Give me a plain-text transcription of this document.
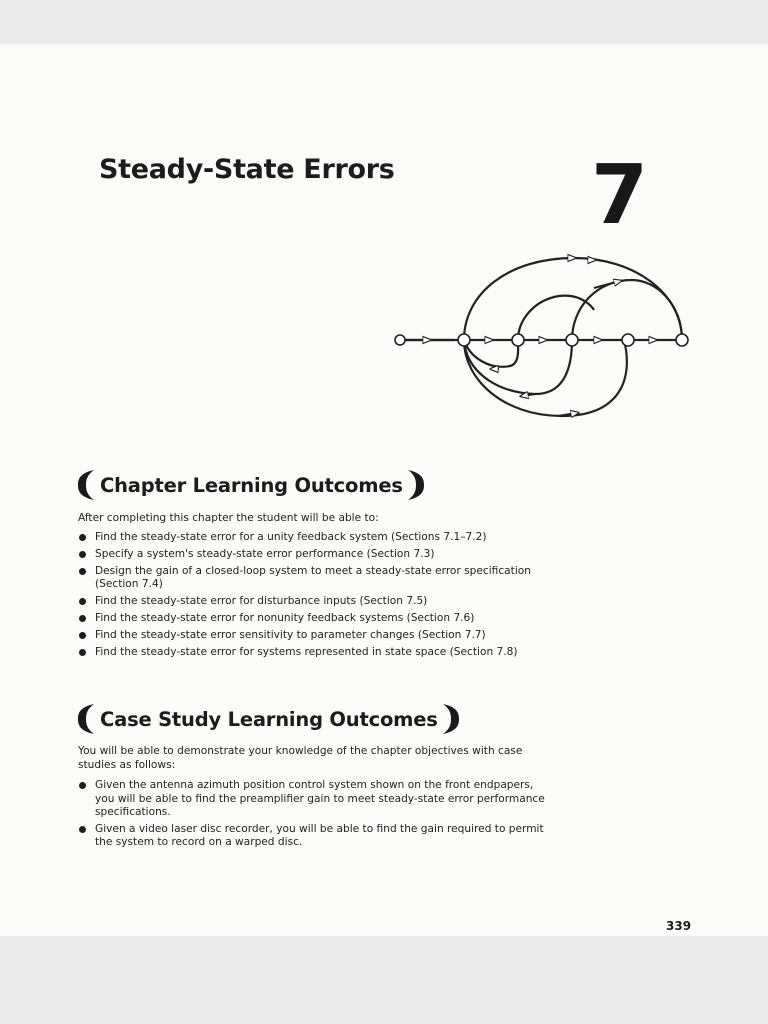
Steady-State Errors 7
Chapter Learning Outcomes

After completing this chapter the student will be able to:

Find the steady-state error for a unity feedback system (Sections 7.1–7.2)
Specify a system's steady-state error performance (Section 7.3)
Design the gain of a closed-loop system to meet a steady-state error specification (Section 7.4)
Find the steady-state error for disturbance inputs (Section 7.5)
Find the steady-state error for nonunity feedback systems (Section 7.6)
Find the steady-state error sensitivity to parameter changes (Section 7.7)
Find the steady-state error for systems represented in state space (Section 7.8)
Case Study Learning Outcomes

You will be able to demonstrate your knowledge of the chapter objectives with case studies as follows:

Given the antenna azimuth position control system shown on the front endpapers, you will be able to find the preamplifier gain to meet steady-state error performance specifications.
Given a video laser disc recorder, you will be able to find the gain required to permit the system to record on a warped disc.
339
